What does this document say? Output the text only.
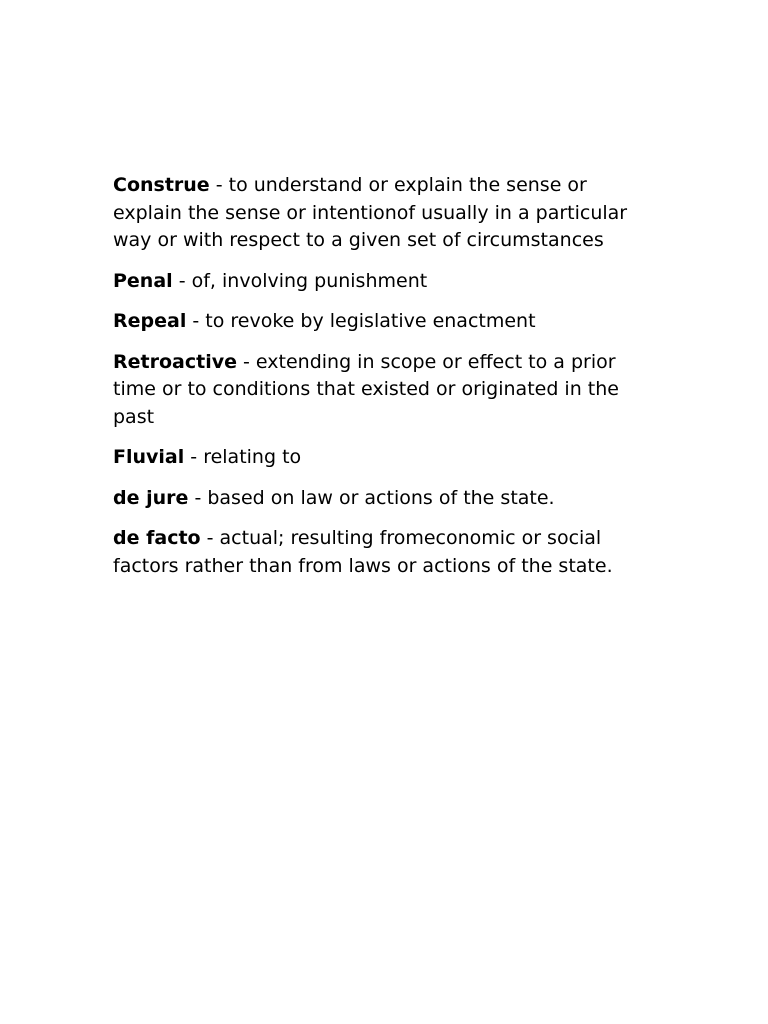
Construe - to understand or explain the sense or explain the sense or intentionof usually in a particular way or with respect to a given set of circumstances

Penal - of, involving punishment

Repeal - to revoke by legislative enactment

Retroactive - extending in scope or effect to a prior time or to conditions that existed or originated in the past

Fluvial - relating to

de jure - based on law or actions of the state.

de facto - actual; resulting fromeconomic or social factors rather than from laws or actions of the state.
